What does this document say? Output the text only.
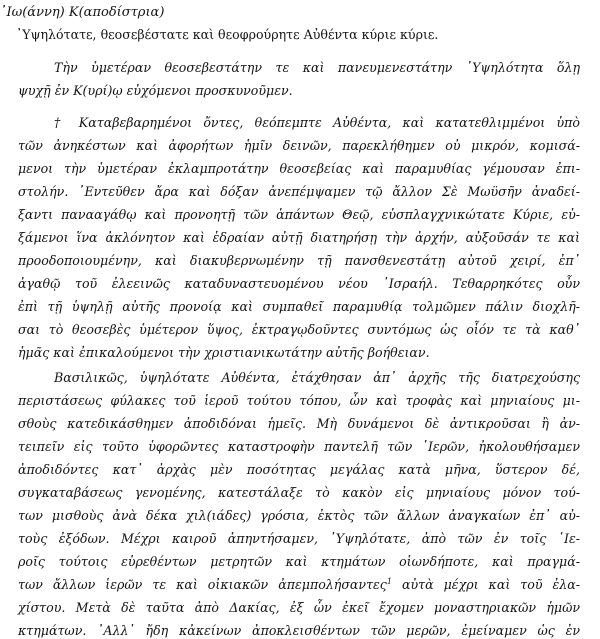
᾿Ιω(άννη) Κ(αποδίστρια)
᾿Υψηλότατε, θεοσεβέστατε καὶ θεοφρούρητε Αὐθέντα κύριε κύριε.
Τὴν ὑμετέραν θεοσεβεστάτην τε καὶ πανευμενεστάτην ᾿Υψηλότητα ὅλῃ
ψυχῇ ἐν Κ(υρί)ῳ εὐχόμενοι προσκυνοῦμεν.
† Καταβεβαρημένοι ὄντες, θεόπεμπτε Αὐθέντα, καὶ κατατεθλιμμένοι ὑπὸ
τῶν ἀνηκέστων καὶ ἀφορήτων ἡμῖν δεινῶν, παρεκλήθημεν οὐ μικρόν, κομισά-
μενοι τὴν ὑμετέραν ἐκλαμπροτάτην θεοσεβείας καὶ παραμυθίας γέμουσαν ἐπι-
στολήν. ᾿Εντεῦθεν ἄρα καὶ δόξαν ἀνεπέμψαμεν τῷ ἄλλον Σὲ Μωϋσῆν ἀναδεί-
ξαντι πανααγάθῳ καὶ προνοητῇ τῶν ἁπάντων Θεῷ, εὐσπλαγχνικώτατε Κύριε, εὐ-
ξάμενοι ἵνα ἀκλόνητον καὶ ἑδραίαν αὐτῇ διατηρήσῃ τὴν ἀρχήν, αὐξοῦσάν τε καὶ
προοδοποιουμένην, καὶ διακυβερνωμένην τῇ πανσθενεστάτῃ αὐτοῦ χειρί, ἐπ᾿
ἀγαθῷ τοῦ ἐλεεινῶς καταδυναστευομένου νέου ᾿Ισραήλ. Τεθαρρηκότες οὖν
ἐπὶ τῇ ὑψηλῇ αὐτῆς προνοίᾳ καὶ συμπαθεῖ παραμυθίᾳ τολμῶμεν πάλιν διοχλῆ-
σαι τὸ θεοσεβὲς ὑμέτερον ὕψος, ἐκτραγῳδοῦντες συντόμως ὡς οἷόν τε τὰ καθ᾿
ἡμᾶς καὶ ἐπικαλούμενοι τὴν χριστιανικωτάτην αὐτῆς βοήθειαν.
Βασιλικῶς, ὑψηλότατε Αὐθέντα, ἐτάχθησαν ἀπ᾿ ἀρχῆς τῆς διατρεχούσης
περιστάσεως φύλακες τοῦ ἱεροῦ τούτου τόπου, ὧν καὶ τροφὰς καὶ μηνιαίους μι-
σθοὺς κατεδικάσθημεν ἀποδιδόναι ἡμεῖς. Μὴ δυνάμενοι δὲ ἀντικροῦσαι ἢ ἀν-
τειπεῖν εἰς τοῦτο ὑφορῶντες καταστροφὴν παντελῆ τῶν ῾Ιερῶν, ἠκολουθήσαμεν
ἀποδιδόντες κατ᾿ ἀρχὰς μὲν ποσότητας μεγάλας κατὰ μῆνα, ὕστερον δέ,
συγκαταβάσεως γενομένης, κατεστάλαξε τὸ κακὸν εἰς μηνιαίους μόνον τού-
των μισθοὺς ἀνὰ δέκα χιλ(ιάδες) γρόσια, ἐκτὸς τῶν ἄλλων ἀναγκαίων ἐπ᾿ αὐ-
τοὺς ἐξόδων. Μέχρι καιροῦ ἀπηντήσαμεν, ᾿Υψηλότατε, ἀπὸ τῶν ἐν τοῖς ῾Ιε-
ροῖς τούτοις εὑρεθέντων μετρητῶν καὶ κτημάτων οἱωνδήποτε, καὶ πραγμά-
των ἄλλων ἱερῶν τε καὶ οἰκιακῶν ἀπεμπολήσαντες$^1$ αὐτὰ μέχρι καὶ τοῦ ἐλα-
χίστου. Μετὰ δὲ ταῦτα ἀπὸ Δακίας, ἐξ ὧν ἐκεῖ ἔχομεν μοναστηριακῶν ἡμῶν
κτημάτων. ᾿Αλλ᾿ ἤδη κἀκείνων ἀποκλεισθέντων τῶν μερῶν, ἐμείναμεν ὡς ἐν
